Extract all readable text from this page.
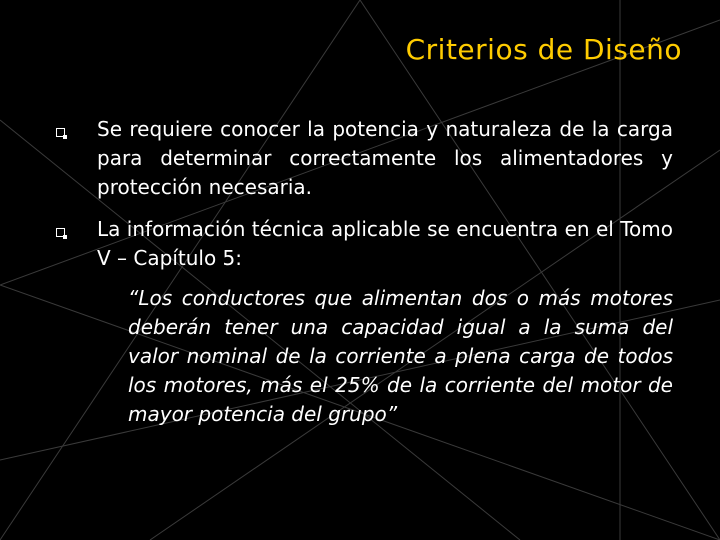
Criterios de Diseño

Se requiere conocer la potencia y naturaleza de la carga para determinar correctamente los alimentadores y protección necesaria.

La información técnica aplicable se encuentra en el Tomo V – Capítulo 5:

“Los conductores que alimentan dos o más motores deberán tener una capacidad igual a la suma del valor nominal de la corriente a plena carga de todos los motores, más el 25% de la corriente del motor de mayor potencia del grupo”
